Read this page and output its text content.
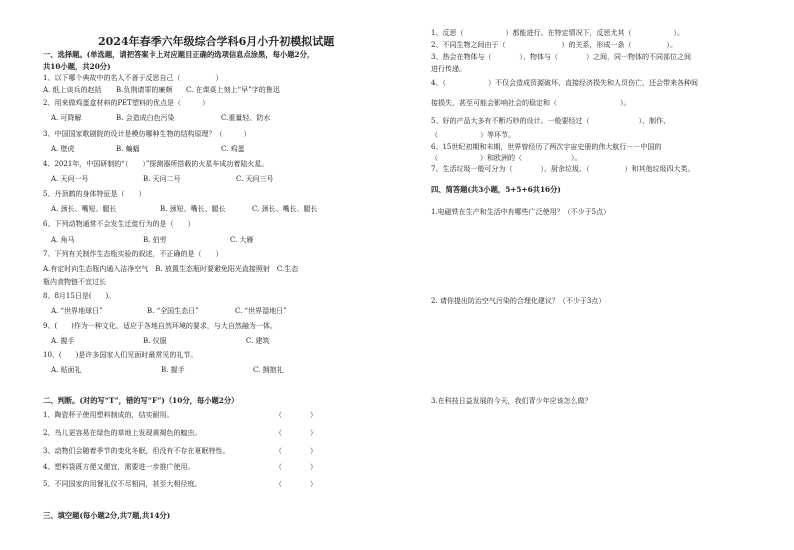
2024年春季六年级综合学科6月小升初模拟试题
一、选择题。(单选题，请把答案卡上对应题目正确的选项信息点涂黑，每小题2分，
共10小题，共20分)
1、以下哪个典故中的名人不善于反思自己（　　　　　）
A. 纸上谈兵的赵括 B.负荆请罪的廉颇 C. 在课桌上刻上“早”字的鲁迅
2、用来做鸡蛋盒材料的PET塑料的优点是（　　　）
A. 可降解	B. 会造成白色污染	C.重量轻、防水
3、中国国家歌剧院的设计是模仿哪种生物的结构原理？（　　　）
A. 壁虎	B. 蝙蝠	C. 鸡蛋
4、2021年，中国研制的“（　　）”探测器所搭载的火星车成功着陆火星。
A. 天问一号	B. 天问二号	C. 天问三号
5、丹顶鹤的身体特征是（　　）
A. 颈长、嘴短、腿长	B. 颈短、嘴长、腿长	C. 颈长、嘴长、腿长
6、下列动物通常不会发生迁徙行为的是（　　）
A. 角马	B. 伯劳	C. 大雁
7、下列有关制作生态瓶实验的叙述，不正确的是（　　）
A.有定时向生态瓶内通入洁净空气　B. 放置生态瓶时要避免阳光直接照射　C.生态
瓶内食物链不宜过长
8、8月15日是(　　)。
A. “世界地球日”	B. “全国生态日”	C. “世界湿地日”
9、(　　)作为一种文化，适应于各地自然环境的要求，与大自然融为一体。
A. 握手	B. 仪服	C. 建筑
10、(　　)是许多国家人们见面时最常见的礼节。
A. 贴面礼	B. 握手	C. 拥抱礼
二、判断。(对的写“T”，错的写“F”)（10分，每小题2分）
1、陶瓷杯子使用塑料制成的，结实耐用。	（　　　　）
2、鸟儿更容易在绿色的草地上发现黄褐色的蝗虫。	（　　　　）
3、动物们会随着季节的变化冬眠，但没有不存在夏眠特性。	（　　　　）
4、塑料袋既方便又便宜，需要进一步推广使用。	（　　　　）
5、不同国家的用餐礼仪不尽相同，甚至大相径庭。	（　　　　）
三、填空题(每小题2分,共7题,共14分)
1、反思（　　　　　　）都能进行。在特定情况下，反思尤其（　　　　　　）。
2、不同生物之间由于（　　　　　　　　）的关系，形成一条（　　　　　）。
3、热会在物体与（　　　　）、物体与（　　　　）之间，同一物体的不同部位之间
进行传递。
4、（　　　　　　）不仅会造成资源破坏、直接经济损失和人员伤亡，还会带来各种间
接损失，甚至可能会影响社会的稳定和（　　　　　　　　　）。
5、好的产品大多有不断巧妙的设计。一般要经过（　　　　　　　）、制作、
（　　　　　　）等环节。
6、15世纪初期和末期，世界曾经历了两次宇宙史册的伟大航行－－中国的
（　　　　　　）和欧洲的（　　　　　　　）。
7、生活垃圾一般可分为（　　　　）、厨余垃圾、（　　　　　）和其他垃圾四大类。
四、简答题(共3小题，5+5+6共16分)
1.电磁铁在生产和生活中有哪些广泛使用？（不少于5点）
2. 请你提出防治空气污染的合理化建议？（不少于3点）
3.在科技日益发展的今天，我们青少年应该怎么做？
